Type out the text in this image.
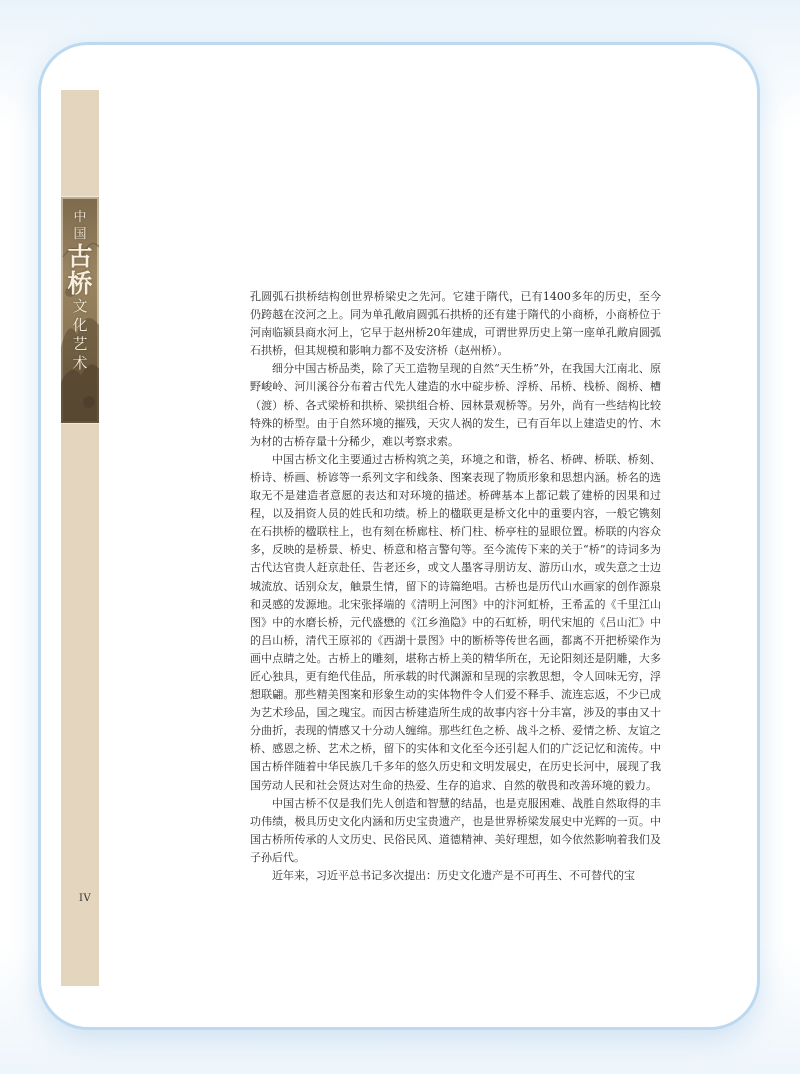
中
国
古
桥
文
化
艺
术
IV

孔圆弧石拱桥结构创世界桥梁史之先河。它建于隋代，已有1400多年的历史，至今仍跨越在洨河之上。同为单孔敞肩圆弧石拱桥的还有建于隋代的小商桥，小商桥位于河南临颍县商水河上，它早于赵州桥20年建成，可谓世界历史上第一座单孔敞肩圆弧石拱桥，但其规模和影响力都不及安济桥（赵州桥）。

细分中国古桥品类，除了天工造物呈现的自然“天生桥”外，在我国大江南北、原野峻岭、河川溪谷分布着古代先人建造的水中碇步桥、浮桥、吊桥、栈桥、阁桥、槽（渡）桥、各式梁桥和拱桥、梁拱组合桥、园林景观桥等。另外，尚有一些结构比较特殊的桥型。由于自然环境的摧残，天灾人祸的发生，已有百年以上建造史的竹、木为材的古桥存量十分稀少，难以考察求索。

中国古桥文化主要通过古桥构筑之美，环境之和谐，桥名、桥碑、桥联、桥刻、桥诗、桥画、桥谚等一系列文字和线条、图案表现了物质形象和思想内涵。桥名的选取无不是建造者意愿的表达和对环境的描述。桥碑基本上都记载了建桥的因果和过程，以及捐资人员的姓氏和功绩。桥上的楹联更是桥文化中的重要内容，一般它镌刻在石拱桥的楹联柱上，也有刻在桥廊柱、桥门柱、桥亭柱的显眼位置。桥联的内容众多，反映的是桥景、桥史、桥意和格言警句等。至今流传下来的关于“桥”的诗词多为古代达官贵人赶京赴任、告老还乡，或文人墨客寻朋访友、游历山水，或失意之士边城流放、话别众友，触景生情，留下的诗篇绝唱。古桥也是历代山水画家的创作源泉和灵感的发源地。北宋张择端的《清明上河图》中的汴河虹桥，王希孟的《千里江山图》中的水磨长桥，元代盛懋的《江乡渔隐》中的石虹桥，明代宋旭的《吕山汇》中的吕山桥，清代王原祁的《西湖十景图》中的断桥等传世名画，都离不开把桥梁作为画中点睛之处。古桥上的雕刻，堪称古桥上美的精华所在，无论阳刻还是阴雕，大多匠心独具，更有绝代佳品，所承载的时代渊源和呈现的宗教思想，令人回味无穷，浮想联翩。那些精美图案和形象生动的实体物件令人们爱不释手、流连忘返，不少已成为艺术珍品，国之瑰宝。而因古桥建造所生成的故事内容十分丰富，涉及的事由又十分曲折，表现的情感又十分动人缠绵。那些红色之桥、战斗之桥、爱情之桥、友谊之桥、感恩之桥、艺术之桥，留下的实体和文化至今还引起人们的广泛记忆和流传。中国古桥伴随着中华民族几千多年的悠久历史和文明发展史，在历史长河中，展现了我国劳动人民和社会贤达对生命的热爱、生存的追求、自然的敬畏和改善环境的毅力。

中国古桥不仅是我们先人创造和智慧的结晶，也是克服困难、战胜自然取得的丰功伟绩，极具历史文化内涵和历史宝贵遗产，也是世界桥梁发展史中光辉的一页。中国古桥所传承的人文历史、民俗民风、道德精神、美好理想，如今依然影响着我们及子孙后代。

近年来，习近平总书记多次提出：历史文化遗产是不可再生、不可替代的宝
